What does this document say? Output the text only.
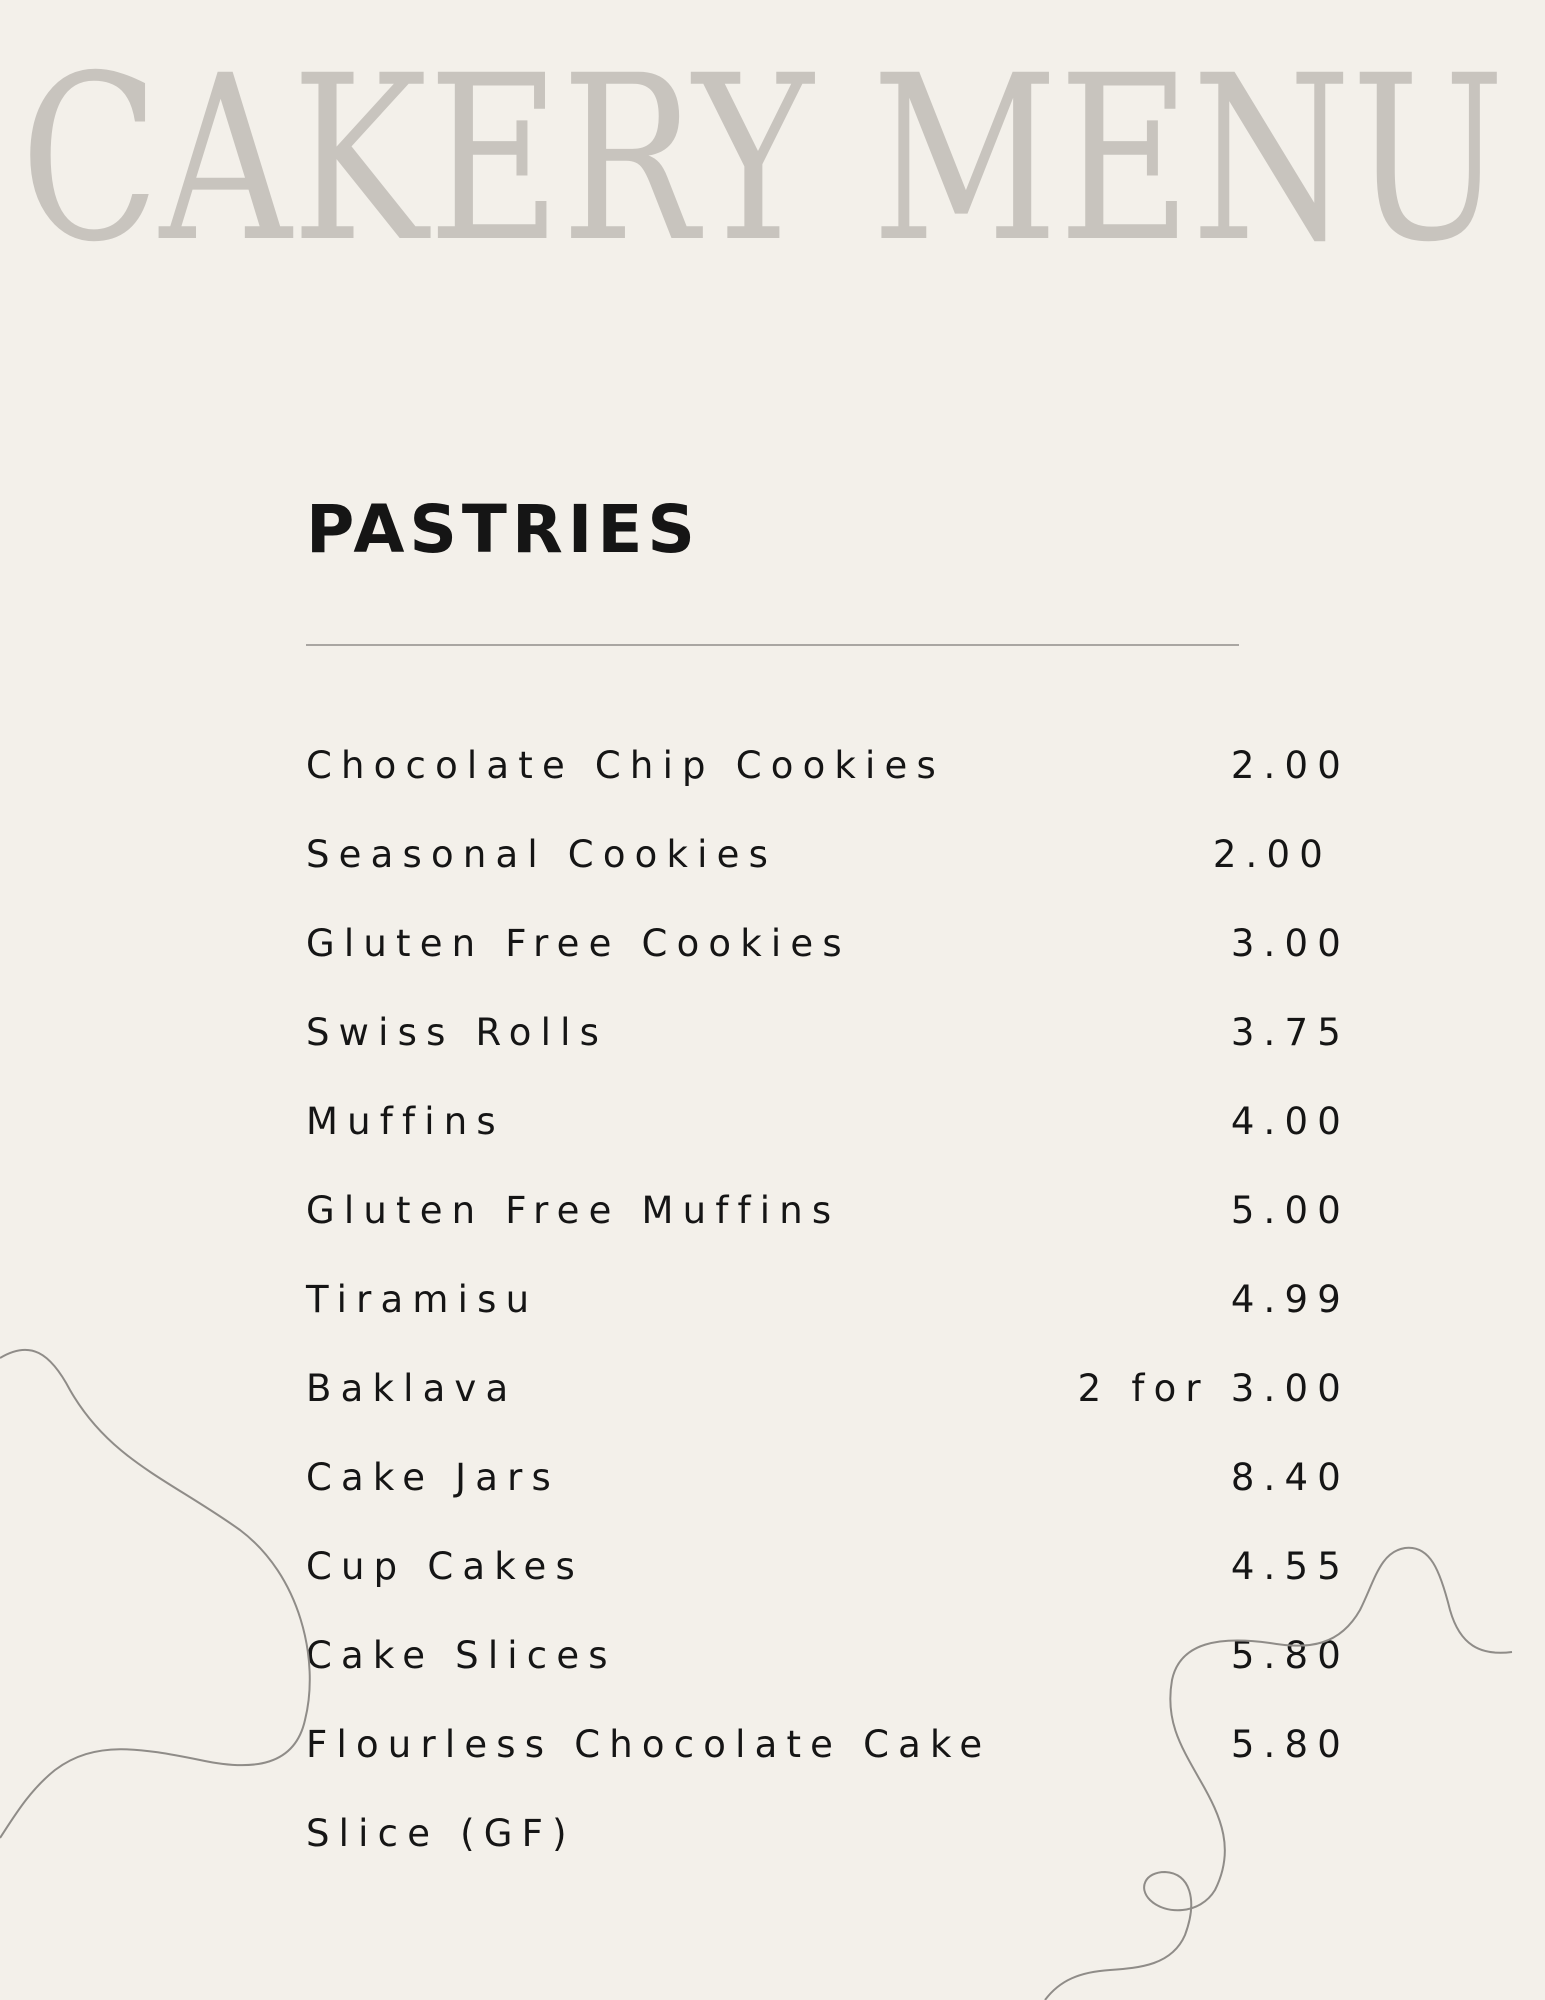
CAKERY MENU
PASTRIES
Chocolate Chip Cookies	2.00
Seasonal Cookies	2.00
Gluten Free Cookies	3.00
Swiss Rolls	3.75
Muffins	4.00
Gluten Free Muffins	5.00
Tiramisu	4.99
Baklava	2 for 3.00
Cake Jars	8.40
Cup Cakes	4.55
Cake Slices	5.80
Flourless Chocolate Cake	5.80
Slice (GF)
